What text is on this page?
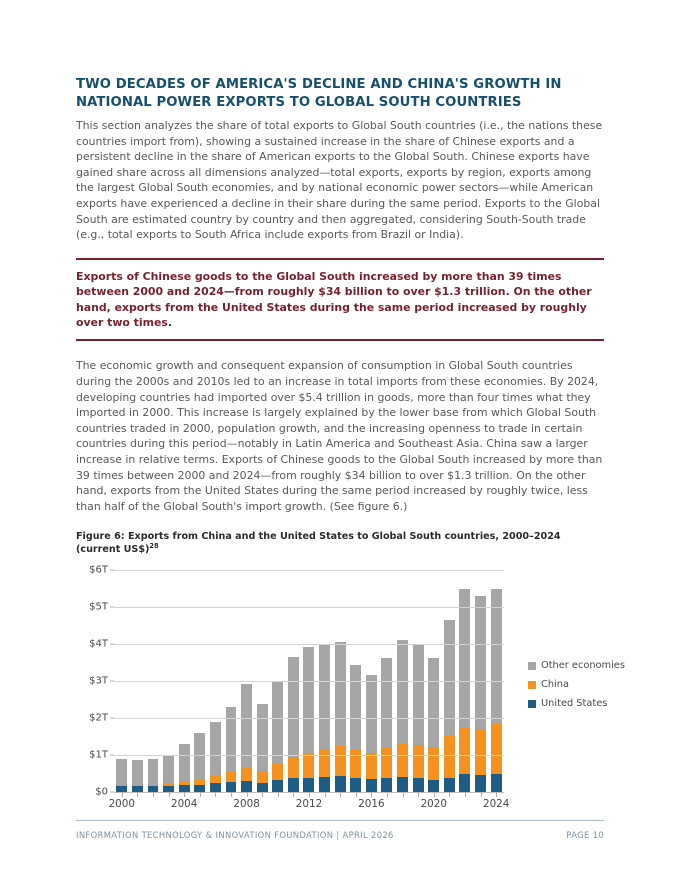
TWO DECADES OF AMERICA'S DECLINE AND CHINA'S GROWTH IN NATIONAL POWER EXPORTS TO GLOBAL SOUTH COUNTRIES

This section analyzes the share of total exports to Global South countries (i.e., the nations these countries import from), showing a sustained increase in the share of Chinese exports and a persistent decline in the share of American exports to the Global South. Chinese exports have gained share across all dimensions analyzed—total exports, exports by region, exports among the largest Global South economies, and by national economic power sectors—while American exports have experienced a decline in their share during the same period. Exports to the Global South are estimated country by country and then aggregated, considering South-South trade (e.g., total exports to South Africa include exports from Brazil or India).

Exports of Chinese goods to the Global South increased by more than 39 times between 2000 and 2024—from roughly $34 billion to over $1.3 trillion. On the other hand, exports from the United States during the same period increased by roughly over two times.

The economic growth and consequent expansion of consumption in Global South countries during the 2000s and 2010s led to an increase in total imports from these economies. By 2024, developing countries had imported over $5.4 trillion in goods, more than four times what they imported in 2000. This increase is largely explained by the lower base from which Global South countries traded in 2000, population growth, and the increasing openness to trade in certain countries during this period—notably in Latin America and Southeast Asia. China saw a larger increase in relative terms. Exports of Chinese goods to the Global South increased by more than 39 times between 2000 and 2024—from roughly $34 billion to over $1.3 trillion. On the other hand, exports from the United States during the same period increased by roughly twice, less than half of the Global South's import growth. (See figure 6.)

Figure 6: Exports from China and the United States to Global South countries, 2000–2024 (current US$)$^{28}$
$0
$1T
$2T
$3T
$4T
$5T
$6T
2000	2004	2008	2012	2016	2020	2024
Other economies
China
United States
INFORMATION TECHNOLOGY & INNOVATION FOUNDATION | APRIL 2026	PAGE 10
